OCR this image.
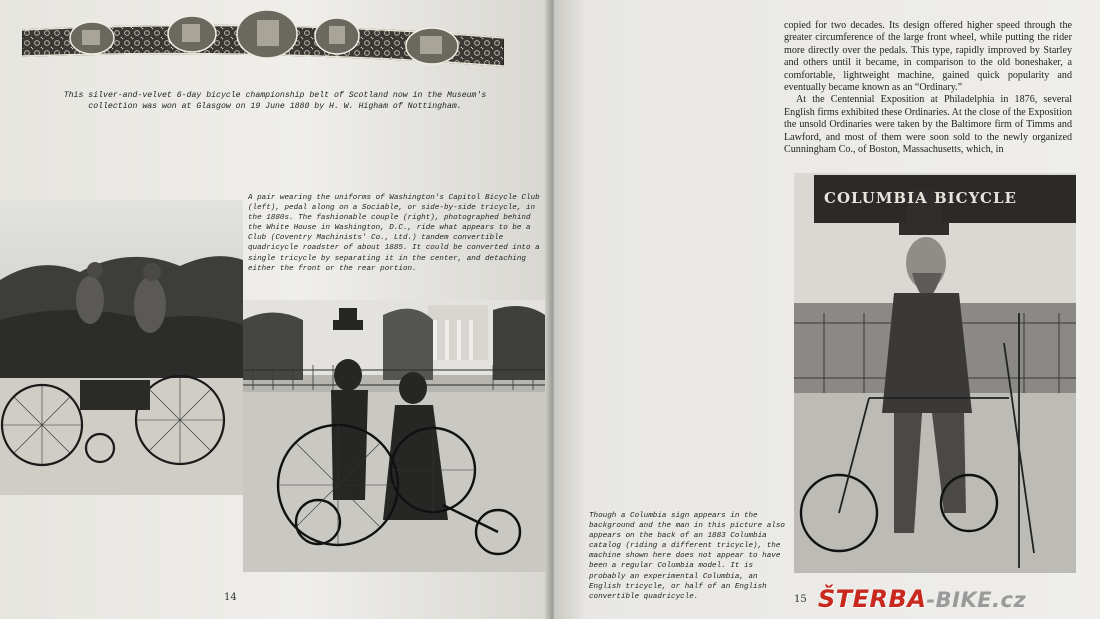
This silver-and-velvet 6-day bicycle championship belt of Scotland now in the Museum's collection was won at Glasgow on 19 June 1880 by H. W. Higham of Nottingham.

A pair wearing the uniforms of Washington's Capitol Bicycle Club (left), pedal along on a Sociable, or side-by-side tricycle, in the 1880s. The fashionable couple (right), photographed behind the White House in Washington, D.C., ride what appears to be a Club (Coventry Machinists' Co., Ltd.) tandem convertible quadricycle roadster of about 1885. It could be converted into a single tricycle by separating it in the center, and detaching either the front or the rear portion.

14
COLUMBIA BICYCLE
15

copied for two decades. Its design offered higher speed through the greater circumference of the large front wheel, while putting the rider more directly over the pedals. This type, rapidly improved by Starley and others until it became, in comparison to the old boneshaker, a comfortable, lightweight machine, gained quick popularity and eventually became known as an “Ordinary.”

At the Centennial Exposition at Philadelphia in 1876, several English firms exhibited these Ordinaries. At the close of the Exposition the unsold Ordinaries were taken by the Baltimore firm of Timms and Lawford, and most of them were soon sold to the newly organized Cunningham Co., of Boston, Massachusetts, which, in

Though a Columbia sign appears in the background and the man in this picture also appears on the back of an 1883 Columbia catalog (riding a different tricycle), the machine shown here does not appear to have been a regular Columbia model. It is probably an experimental Columbia, an English tricycle, or half of an English convertible quadricycle.	ŠTERBA-BIKE.cz
